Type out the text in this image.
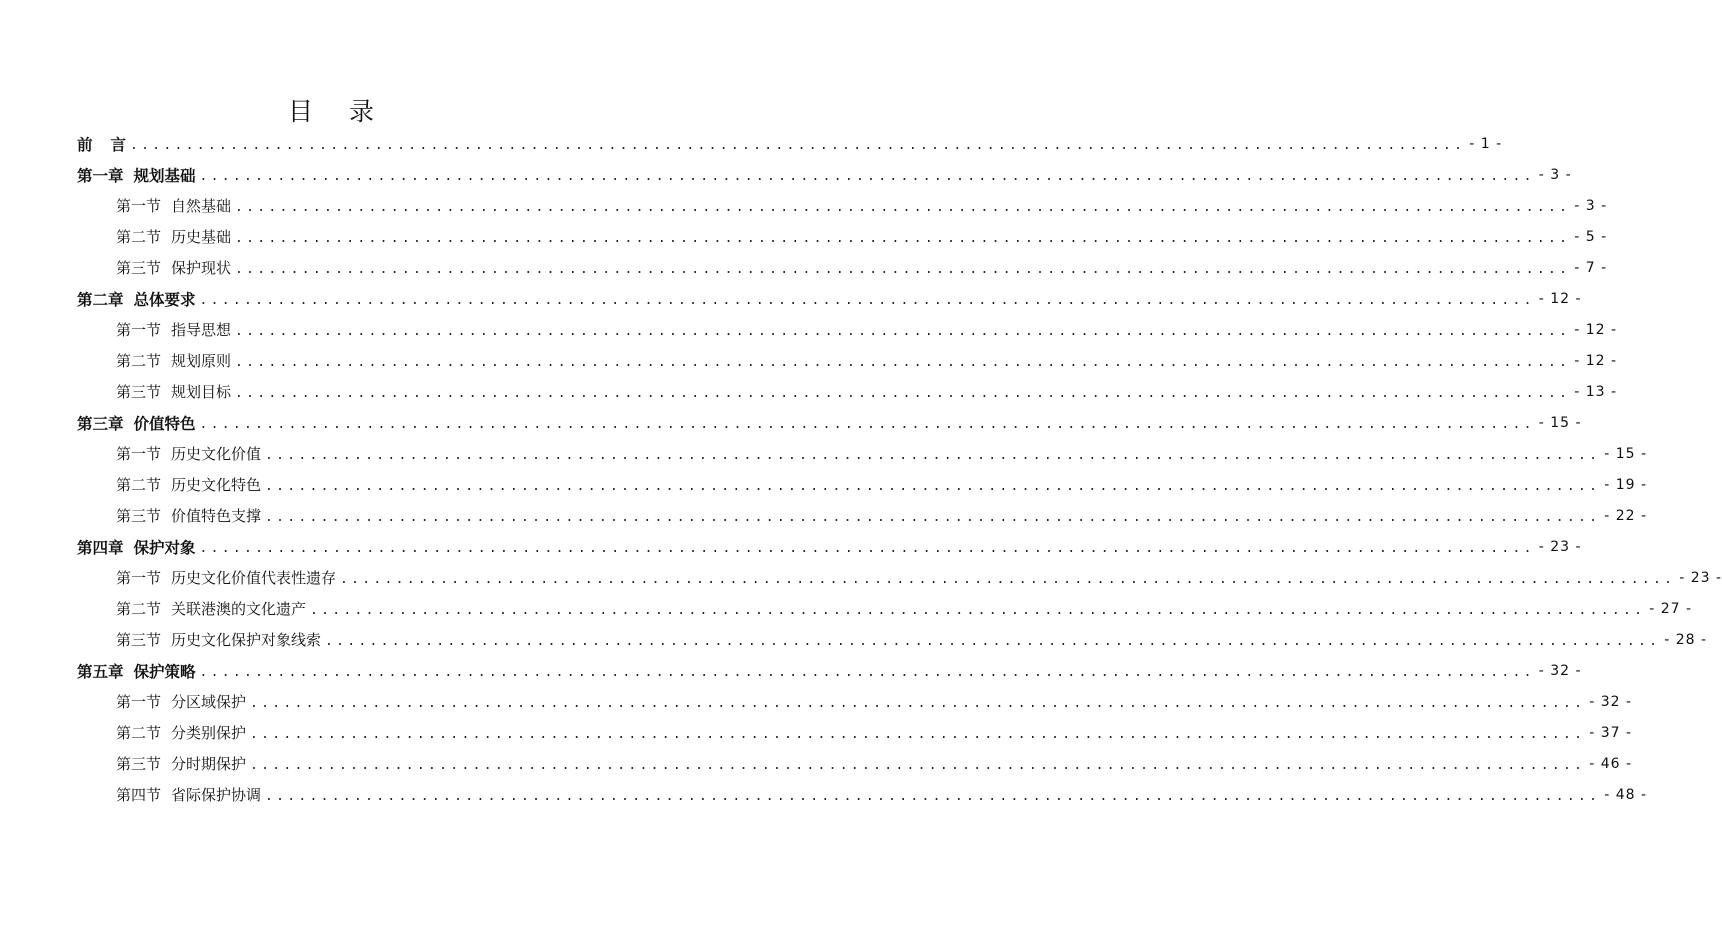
目 录
前 言 ........................................................................................................................ - 1 -
第一章 规划基础 ........................................................................................................................ - 3 -
第一节 自然基础 ........................................................................................................................ - 3 -
第二节 历史基础 ........................................................................................................................ - 5 -
第三节 保护现状 ........................................................................................................................ - 7 -
第二章 总体要求 ........................................................................................................................ - 12 -
第一节 指导思想 ........................................................................................................................ - 12 -
第二节 规划原则 ........................................................................................................................ - 12 -
第三节 规划目标 ........................................................................................................................ - 13 -
第三章 价值特色 ........................................................................................................................ - 15 -
第一节 历史文化价值 ........................................................................................................................ - 15 -
第二节 历史文化特色 ........................................................................................................................ - 19 -
第三节 价值特色支撑 ........................................................................................................................ - 22 -
第四章 保护对象 ........................................................................................................................ - 23 -
第一节 历史文化价值代表性遗存 ........................................................................................................................ - 23 -
第二节 关联港澳的文化遗产 ........................................................................................................................ - 27 -
第三节 历史文化保护对象线索 ........................................................................................................................ - 28 -
第五章 保护策略 ........................................................................................................................ - 32 -
第一节 分区域保护 ........................................................................................................................ - 32 -
第二节 分类别保护 ........................................................................................................................ - 37 -
第三节 分时期保护 ........................................................................................................................ - 46 -
第四节 省际保护协调 ........................................................................................................................ - 48 -
